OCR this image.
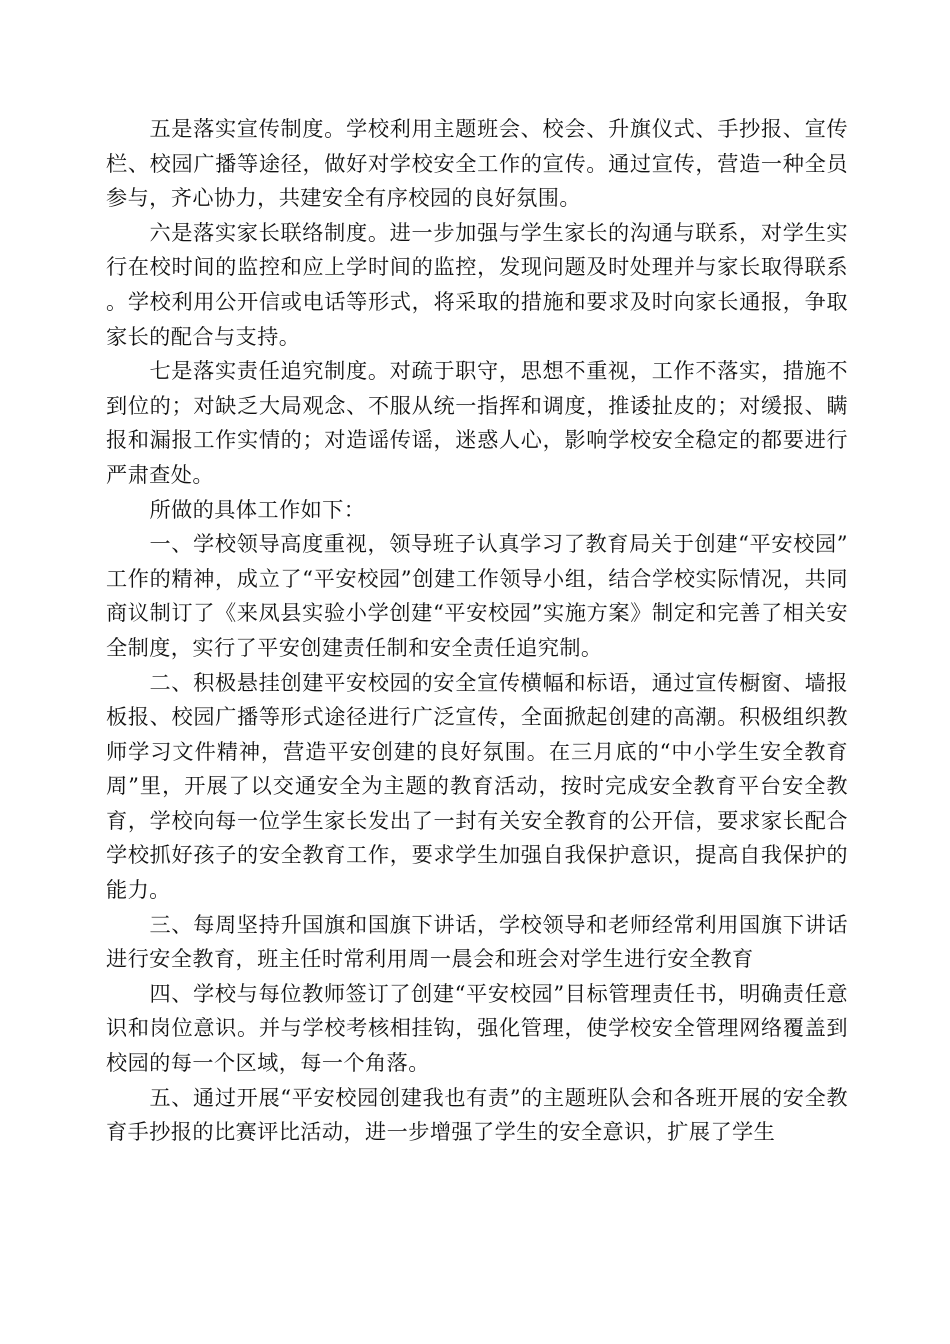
五是落实宣传制度。学校利用主题班会、校会、升旗仪式、手抄报、宣传栏、校园广播等途径，做好对学校安全工作的宣传。通过宣传，营造一种全员参与，齐心协力，共建安全有序校园的良好氛围。

六是落实家长联络制度。进一步加强与学生家长的沟通与联系，对学生实行在校时间的监控和应上学时间的监控，发现问题及时处理并与家长取得联系。学校利用公开信或电话等形式，将采取的措施和要求及时向家长通报，争取家长的配合与支持。

七是落实责任追究制度。对疏于职守，思想不重视，工作不落实，措施不到位的；对缺乏大局观念、不服从统一指挥和调度，推诿扯皮的；对缓报、瞒报和漏报工作实情的；对造谣传谣，迷惑人心，影响学校安全稳定的都要进行严肃查处。

所做的具体工作如下：

一、学校领导高度重视，领导班子认真学习了教育局关于创建“平安校园”工作的精神，成立了“平安校园”创建工作领导小组，结合学校实际情况，共同商议制订了《来凤县实验小学创建“平安校园”实施方案》制定和完善了相关安全制度，实行了平安创建责任制和安全责任追究制。

二、积极悬挂创建平安校园的安全宣传横幅和标语，通过宣传橱窗、墙报板报、校园广播等形式途径进行广泛宣传，全面掀起创建的高潮。积极组织教师学习文件精神，营造平安创建的良好氛围。在三月底的“中小学生安全教育周”里，开展了以交通安全为主题的教育活动，按时完成安全教育平台安全教育，学校向每一位学生家长发出了一封有关安全教育的公开信，要求家长配合学校抓好孩子的安全教育工作，要求学生加强自我保护意识，提高自我保护的能力。

三、每周坚持升国旗和国旗下讲话，学校领导和老师经常利用国旗下讲话进行安全教育，班主任时常利用周一晨会和班会对学生进行安全教育

四、学校与每位教师签订了创建“平安校园”目标管理责任书，明确责任意识和岗位意识。并与学校考核相挂钩，强化管理，使学校安全管理网络覆盖到校园的每一个区域，每一个角落。

五、通过开展“平安校园创建我也有责”的主题班队会和各班开展的安全教育手抄报的比赛评比活动，进一步增强了学生的安全意识，扩展了学生
